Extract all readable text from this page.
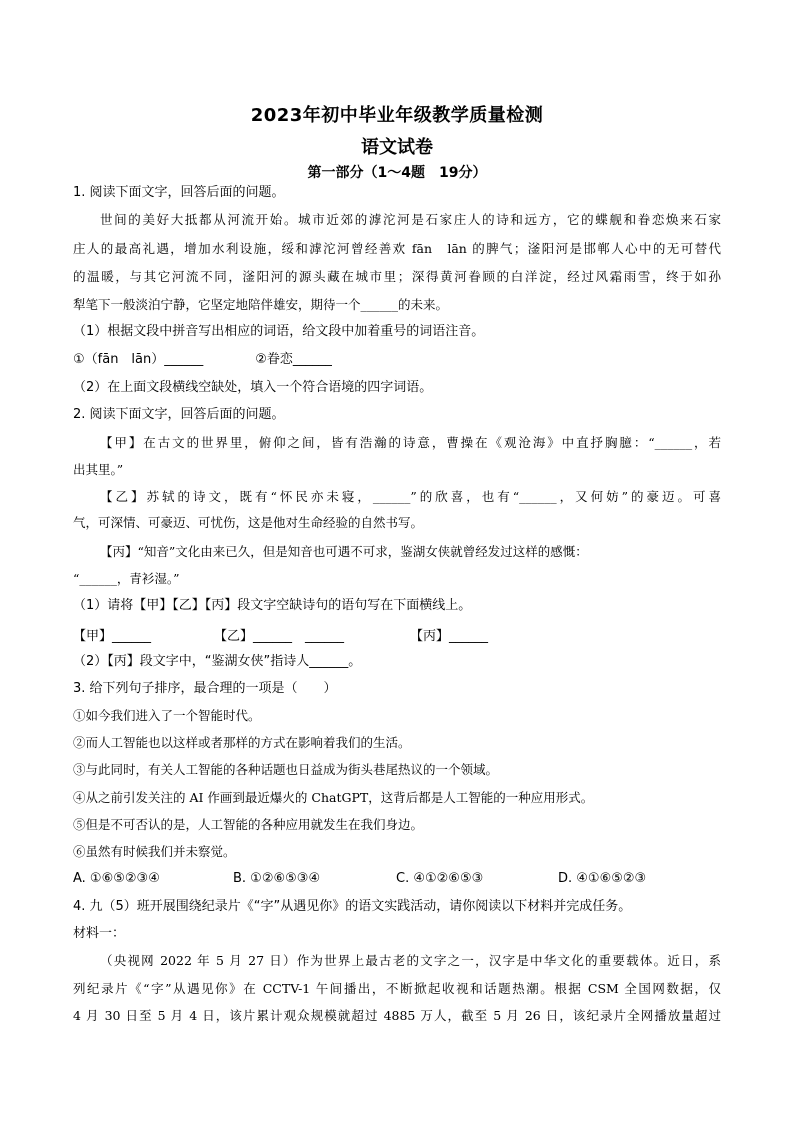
2023年初中毕业年级教学质量检测
语文试卷
第一部分（1～4题　19分）
1. 阅读下面文字，回答后面的问题。
世间的美好大抵都从河流开始。城市近郊的滹沱河是石家庄人的诗和远方，它的蝶舰和眷恋焕来石家
庄人的最高礼遇，增加水利设施，绥和滹沱河曾经善欢 fān　lān 的脾气；滏阳河是邯郸人心中的无可替代
的温暖，与其它河流不同，滏阳河的源头藏在城市里；深得黄河眷顾的白洋淀，经过风霜雨雪，终于如孙
犁笔下一般淡泊宁静，它坚定地陪伴雄安，期待一个______的未来。
（1）根据文段中拼音写出相应的词语，给文段中加着重号的词语注音。
①（fān　lān）______　　　　②眷恋______
（2）在上面文段横线空缺处，填入一个符合语境的四字词语。
2. 阅读下面文字，回答后面的问题。
【甲】在古文的世界里，俯仰之间，皆有浩瀚的诗意，曹操在《观沧海》中直抒胸臆：“______，若
出其里。”
【乙】苏轼的诗文，既有“怀民亦未寝，______”的欣喜，也有“______，又何妨”的豪迈。可喜
气，可深情、可豪迈、可忧伤，这是他对生命经验的自然书写。
【丙】“知音”文化由来已久，但是知音也可遇不可求，鉴湖女侠就曾经发过这样的感慨：
“______，青衫湿。”
（1）请将【甲】【乙】【丙】段文字空缺诗句的语句写在下面横线上。
【甲】______	【乙】______　______	【丙】______
（2）【丙】段文字中，“鉴湖女侠”指诗人______。
3. 给下列句子排序，最合理的一项是（　　）
①如今我们进入了一个智能时代。
②而人工智能也以这样或者那样的方式在影响着我们的生活。
③与此同时，有关人工智能的各种话题也日益成为街头巷尾热议的一个领域。
④从之前引发关注的 AI 作画到最近爆火的 ChatGPT，这背后都是人工智能的一种应用形式。
⑤但是不可否认的是，人工智能的各种应用就发生在我们身边。
⑥虽然有时候我们并未察觉。
A. ①⑥⑤②③④	B. ①②⑥⑤③④	C. ④①②⑥⑤③	D. ④①⑥⑤②③
4. 九（5）班开展围绕纪录片《“字”从遇见你》的语文实践活动，请你阅读以下材料并完成任务。
材料一：
（央视网 2022 年 5 月 27 日）作为世界上最古老的文字之一，汉字是中华文化的重要载体。近日，系
列纪录片《“字”从遇见你》在 CCTV-1 午间播出，不断掀起收视和话题热潮。根据 CSM 全国网数据，仅
4 月 30 日至 5 月 4 日，该片累计观众规模就超过 4885 万人，截至 5 月 26 日，该纪录片全网播放量超过
